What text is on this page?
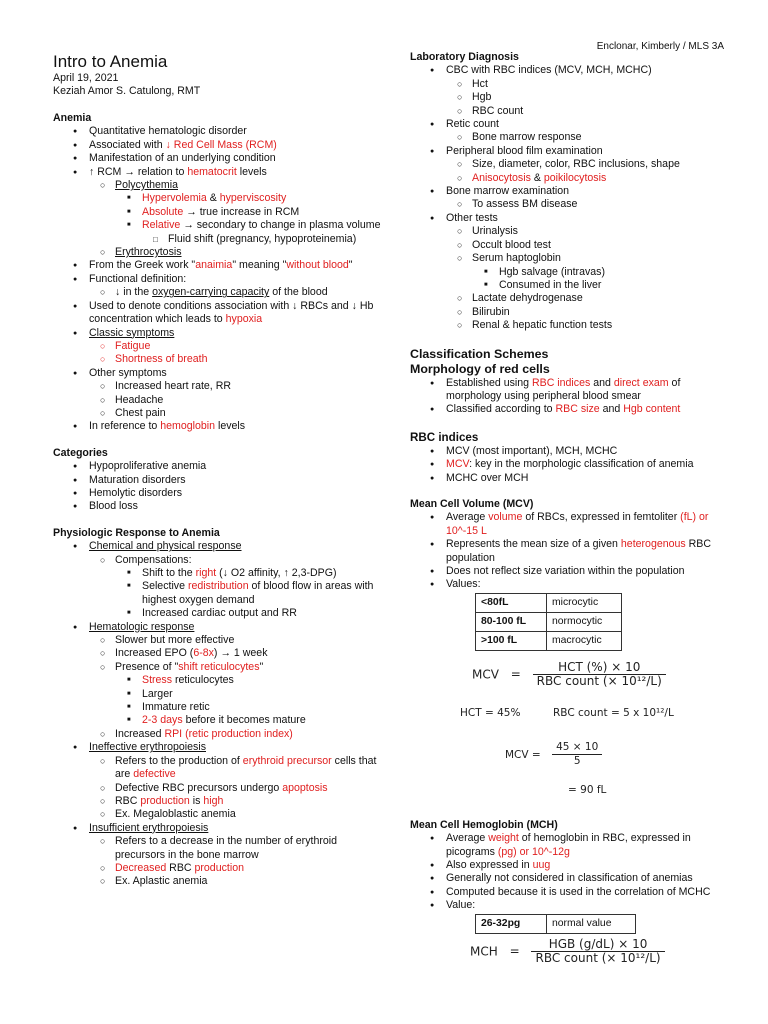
Enclonar, Kimberly / MLS 3A
Intro to Anemia
April 19, 2021
Keziah Amor S. Catulong, RMT

Anemia

● Quantitative hematologic disorder
● Associated with ↓ Red Cell Mass (RCM)
● Manifestation of an underlying condition
● ↑ RCM → relation to hematocrit levels
○ Polycythemia
■ Hypervolemia & hyperviscosity
■ Absolute → true increase in RCM
■ Relative → secondary to change in plasma volume
□ Fluid shift (pregnancy, hypoproteinemia)
○ Erythrocytosis
● From the Greek work "anaimia" meaning "without blood"
● Functional definition:
○ ↓ in the oxygen-carrying capacity of the blood
● Used to denote conditions association with ↓ RBCs and ↓ Hb concentration which leads to hypoxia
● Classic symptoms
○ Fatigue
○ Shortness of breath
● Other symptoms
○ Increased heart rate, RR
○ Headache
○ Chest pain
● In reference to hemoglobin levels

Categories

● Hypoproliferative anemia
● Maturation disorders
● Hemolytic disorders
● Blood loss

Physiologic Response to Anemia

● Chemical and physical response
○ Compensations:
■ Shift to the right (↓ O2 affinity, ↑ 2,3-DPG)
■ Selective redistribution of blood flow in areas with highest oxygen demand
■ Increased cardiac output and RR
● Hematologic response
○ Slower but more effective
○ Increased EPO (6-8x) → 1 week
○ Presence of "shift reticulocytes"
■ Stress reticulocytes
■ Larger
■ Immature retic
■ 2-3 days before it becomes mature
○ Increased RPI (retic production index)
● Ineffective erythropoiesis
○ Refers to the production of erythroid precursor cells that are defective
○ Defective RBC precursors undergo apoptosis
○ RBC production is high
○ Ex. Megaloblastic anemia
● Insufficient erythropoiesis
○ Refers to a decrease in the number of erythroid precursors in the bone marrow
○ Decreased RBC production
○ Ex. Aplastic anemia

Laboratory Diagnosis

● CBC with RBC indices (MCV, MCH, MCHC)
○ Hct
○ Hgb
○ RBC count
● Retic count
○ Bone marrow response
● Peripheral blood film examination
○ Size, diameter, color, RBC inclusions, shape
○ Anisocytosis & poikilocytosis
● Bone marrow examination
○ To assess BM disease
● Other tests
○ Urinalysis
○ Occult blood test
○ Serum haptoglobin
■ Hgb salvage (intravas)
■ Consumed in the liver
○ Lactate dehydrogenase
○ Bilirubin
○ Renal & hepatic function tests

Classification Schemes

Morphology of red cells

● Established using RBC indices and direct exam of morphology using peripheral blood smear
● Classified according to RBC size and Hgb content

RBC indices

● MCV (most important), MCH, MCHC
● MCV: key in the morphologic classification of anemia
● MCHC over MCH

Mean Cell Volume (MCV)

● Average volume of RBCs, expressed in femtoliter (fL) or 10^-15 L
● Represents the mean size of a given heterogenous RBC population
● Does not reflect size variation within the population
● Values:
<80fL	microcytic
80-100 fL	normocytic
>100 fL	macrocytic
MCV = $\frac{\text{HCT (\%) × 10}}{\text{RBC count (× 10¹²/L)}}$
HCT = 45%	RBC count = 5 x 10¹²/L
MCV = $\frac{45 \times 10}{5}$
= 90 fL

Mean Cell Hemoglobin (MCH)

● Average weight of hemoglobin in RBC, expressed in picograms (pg) or 10^-12g
● Also expressed in uug
● Generally not considered in classification of anemias
● Computed because it is used in the correlation of MCHC
● Value:
26-32pg	normal value
MCH = $\frac{\text{HGB (g/dL) × 10}}{\text{RBC count (× 10¹²/L)}}$
